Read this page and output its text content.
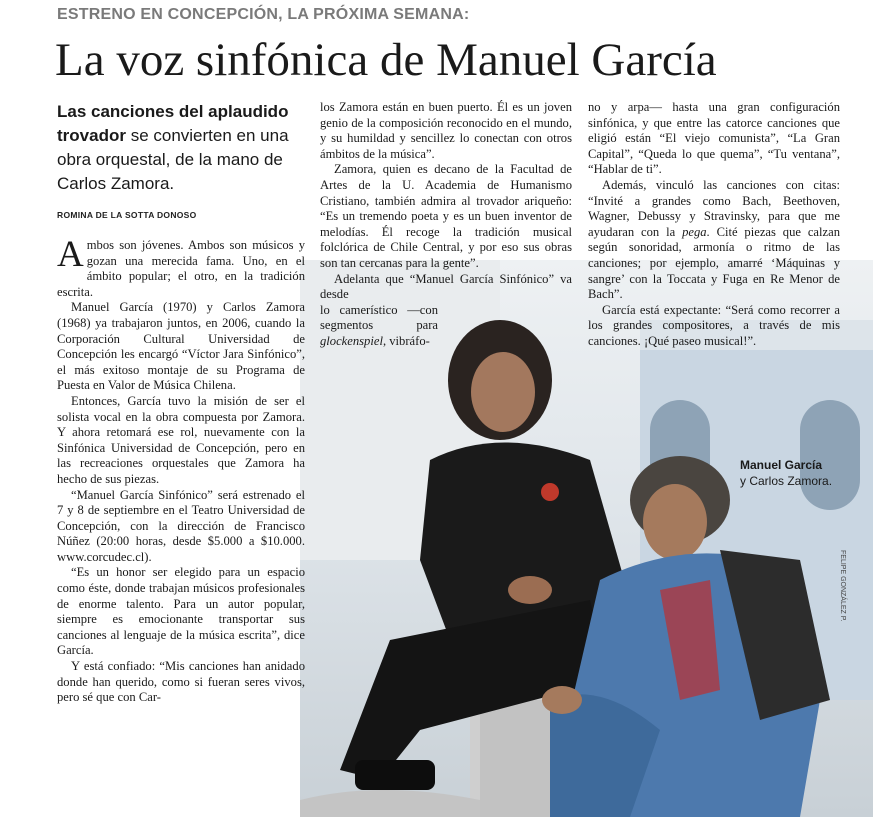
ESTRENO EN CONCEPCIÓN, LA PRÓXIMA SEMANA:
La voz sinfónica de Manuel García

Las canciones del aplaudido trovador se convierten en una obra orquestal, de la mano de Carlos Zamora.

ROMINA DE LA SOTTA DONOSO

Ambos son jóvenes. Ambos son músicos y gozan una merecida fama. Uno, en el ámbito popular; el otro, en la tradición escrita.

Manuel García (1970) y Carlos Zamora (1968) ya trabajaron juntos, en 2006, cuando la Corporación Cultural Universidad de Concepción les encargó “Víctor Jara Sinfónico”, el más exitoso montaje de su Programa de Puesta en Valor de Música Chilena.

Entonces, García tuvo la misión de ser el solista vocal en la obra compuesta por Zamora. Y ahora retomará ese rol, nuevamente con la Sinfónica Universidad de Concepción, pero en las recreaciones orquestales que Zamora ha hecho de sus piezas.

“Manuel García Sinfónico” será estrenado el 7 y 8 de septiembre en el Teatro Universidad de Concepción, con la dirección de Francisco Núñez (20:00 horas, desde $5.000 a $10.000. www.corcudec.cl).

“Es un honor ser elegido para un espacio como éste, donde trabajan músicos profesionales de enorme talento. Para un autor popular, siempre es emocionante transportar sus canciones al lenguaje de la música escrita”, dice García.

Y está confiado: “Mis canciones han anidado donde han querido, como si fueran seres vivos, pero sé que con Car-

los Zamora están en buen puerto. Él es un joven genio de la composición reconocido en el mundo, y su humildad y sencillez lo conectan con otros ámbitos de la música”.

Zamora, quien es decano de la Facultad de Artes de la U. Academia de Humanismo Cristiano, también admira al trovador ariqueño: “Es un tremendo poeta y es un buen inventor de melodías. Él recoge la tradición musical folclórica de Chile Central, y por eso sus obras son tan cercanas para la gente”.

Adelanta que “Manuel García Sinfónico” va desde

lo camerístico —con segmentos para glockenspiel, vibráfo-

no y arpa— hasta una gran configuración sinfónica, y que entre las catorce canciones que eligió están “El viejo comunista”, “La Gran Capital”, “Queda lo que quema”, “Tu ventana”, “Hablar de ti”.

Además, vinculó las canciones con citas: “Invité a grandes como Bach, Beethoven, Wagner, Debussy y Stravinsky, para que me ayudaran con la pega. Cité piezas que calzan según sonoridad, armonía o ritmo de las canciones; por ejemplo, amarré ‘Máquinas y sangre’ con la Toccata y Fuga en Re Menor de Bach”.

García está expectante: “Será como recorrer a los grandes compositores, a través de mis canciones. ¡Qué paseo musical!”.

Manuel García
y Carlos Zamora.
FELIPE GONZÁLEZ P.
